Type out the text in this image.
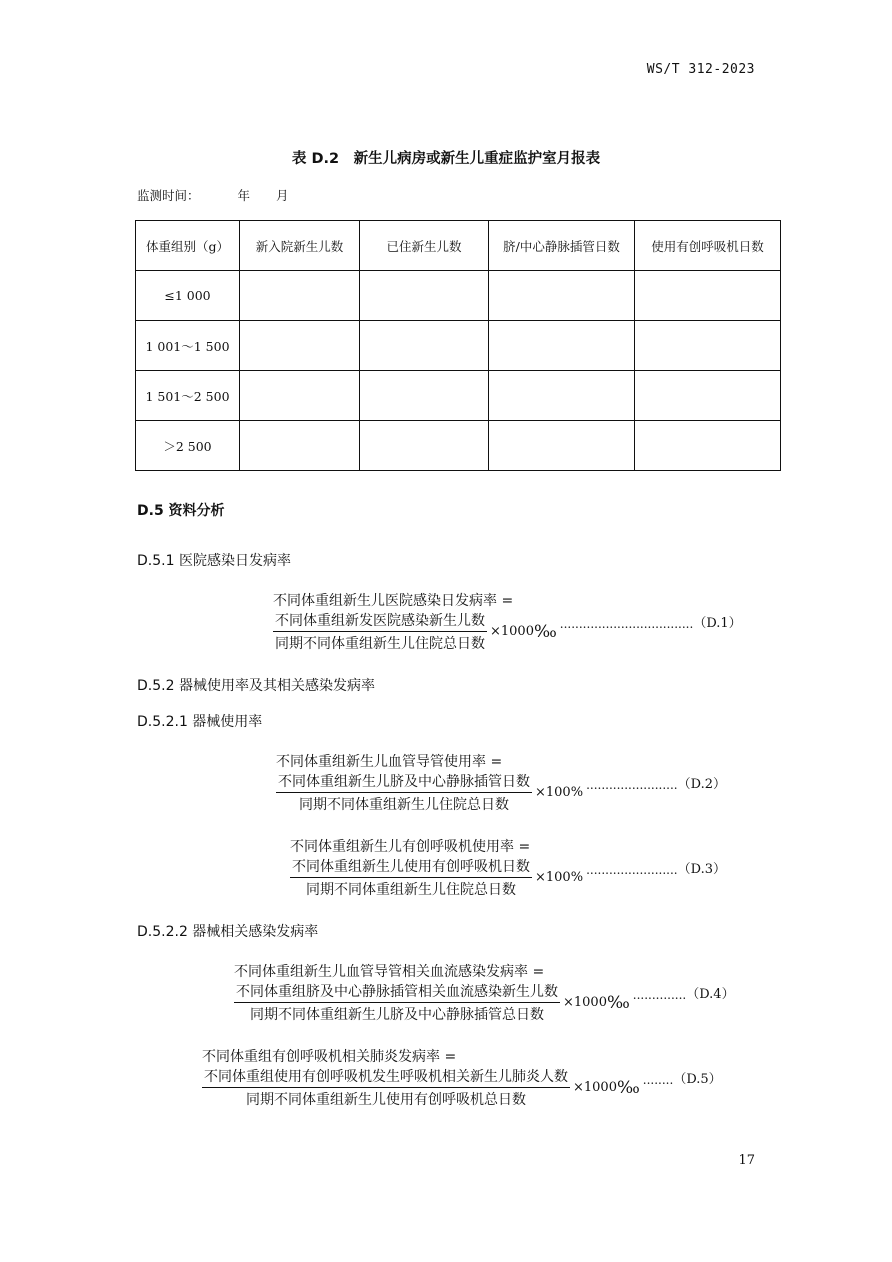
WS/T 312-2023
表 D.2　新生儿病房或新生儿重症监护室月报表
监测时间：	年 月
体重组别（g）	新入院新生儿数	已住新生儿数	脐/中心静脉插管日数	使用有创呼吸机日数
≤1 000				
1 001～1 500				
1 501～2 500				
＞2 500				
D.5 资料分析
D.5.1 医院感染日发病率
不同体重组新生儿医院感染日发病率 =
$\frac{\text{不同体重组新发医院感染新生儿数}}{\text{同期不同体重组新生儿住院总日数}} \times 1000$ ‰ ................................... （D.1）
D.5.2 器械使用率及其相关感染发病率
D.5.2.1 器械使用率
不同体重组新生儿血管导管使用率 =
$\frac{\text{不同体重组新生儿脐及中心静脉插管日数}}{\text{同期不同体重组新生儿住院总日数}} \times 100\%$
........................ （D.2）
不同体重组新生儿有创呼吸机使用率 =
$\frac{\text{不同体重组新生儿使用有创呼吸机日数}}{\text{同期不同体重组新生儿住院总日数}} \times 100\%$
........................ （D.3）
D.5.2.2 器械相关感染发病率
不同体重组新生儿血管导管相关血流感染发病率 =
$\frac{\text{不同体重组脐及中心静脉插管相关血流感染新生儿数}}{\text{同期不同体重组新生儿脐及中心静脉插管总日数}} \times 1000$ ‰ .............. （D.4）
不同体重组有创呼吸机相关肺炎发病率 =
$\frac{\text{不同体重组使用有创呼吸机发生呼吸机相关新生儿肺炎人数}}{\text{同期不同体重组新生儿使用有创呼吸机总日数}} \times 1000$ ‰ ........ （D.5）
17
